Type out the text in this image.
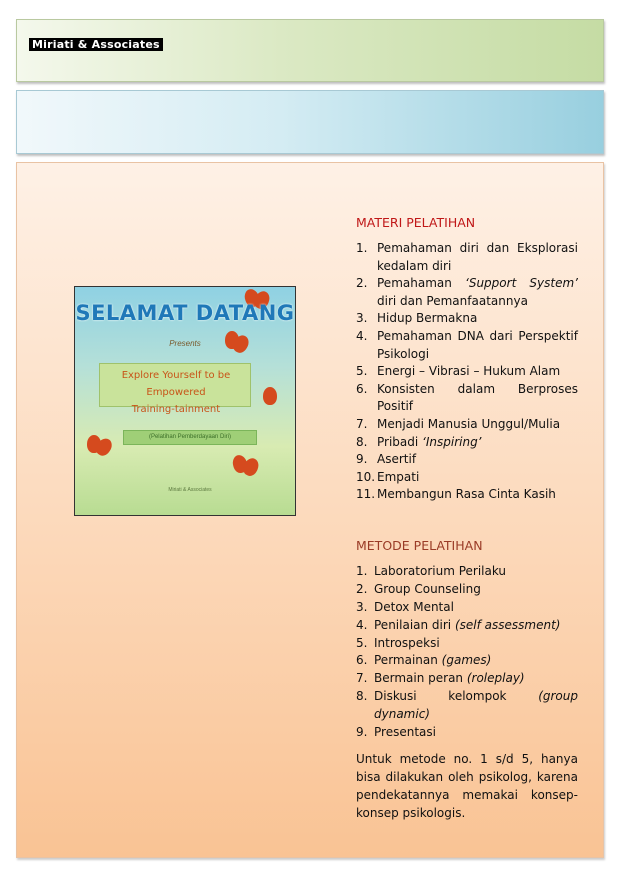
Miriati & Associates
SELAMAT DATANG
Presents
Explore Yourself to be Empowered
Training-tainment
(Pelatihan Pemberdayaan Diri)
Miriati & Associates
MATERI PELATIHAN
1. Pemahaman diri dan Eksplorasi kedalam diri
2. Pemahaman ‘Support System’ diri dan Pemanfaatannya
3. Hidup Bermakna
4. Pemahaman DNA dari Perspektif Psikologi
5. Energi – Vibrasi – Hukum Alam
6. Konsisten dalam Berproses Positif
7. Menjadi Manusia Unggul/Mulia
8. Pribadi ‘Inspiring’
9. Asertif
10. Empati
11. Membangun Rasa Cinta Kasih
METODE PELATIHAN
1. Laboratorium Perilaku
2. Group Counseling
3. Detox Mental
4. Penilaian diri (self assessment)
5. Introspeksi
6. Permainan (games)
7. Bermain peran (roleplay)
8. Diskusi kelompok (group dynamic)
9. Presentasi

Untuk metode no. 1 s/d 5, hanya bisa dilakukan oleh psikolog, karena pendekatannya memakai konsep-konsep psikologis.
